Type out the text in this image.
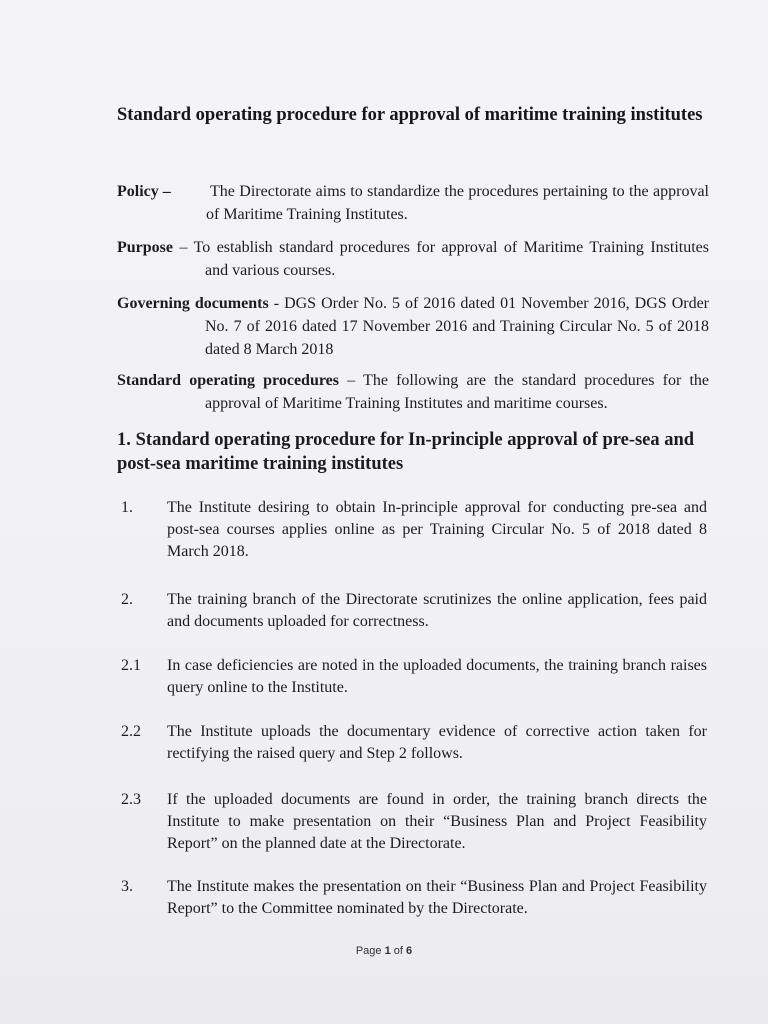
Standard operating procedure for approval of maritime training institutes
Policy – The Directorate aims to standardize the procedures pertaining to the approval of Maritime Training Institutes.
Purpose – To establish standard procedures for approval of Maritime Training Institutes and various courses.
Governing documents - DGS Order No. 5 of 2016 dated 01 November 2016, DGS Order No. 7 of 2016 dated 17 November 2016 and Training Circular No. 5 of 2018 dated 8 March 2018
Standard operating procedures – The following are the standard procedures for the approval of Maritime Training Institutes and maritime courses.
1. Standard operating procedure for In-principle approval of pre-sea and post-sea maritime training institutes
1. The Institute desiring to obtain In-principle approval for conducting pre-sea and post-sea courses applies online as per Training Circular No. 5 of 2018 dated 8 March 2018.
2. The training branch of the Directorate scrutinizes the online application, fees paid and documents uploaded for correctness.
2.1 In case deficiencies are noted in the uploaded documents, the training branch raises query online to the Institute.
2.2 The Institute uploads the documentary evidence of corrective action taken for rectifying the raised query and Step 2 follows.
2.3 If the uploaded documents are found in order, the training branch directs the Institute to make presentation on their “Business Plan and Project Feasibility Report” on the planned date at the Directorate.
3. The Institute makes the presentation on their “Business Plan and Project Feasibility Report” to the Committee nominated by the Directorate.
Page 1 of 6
